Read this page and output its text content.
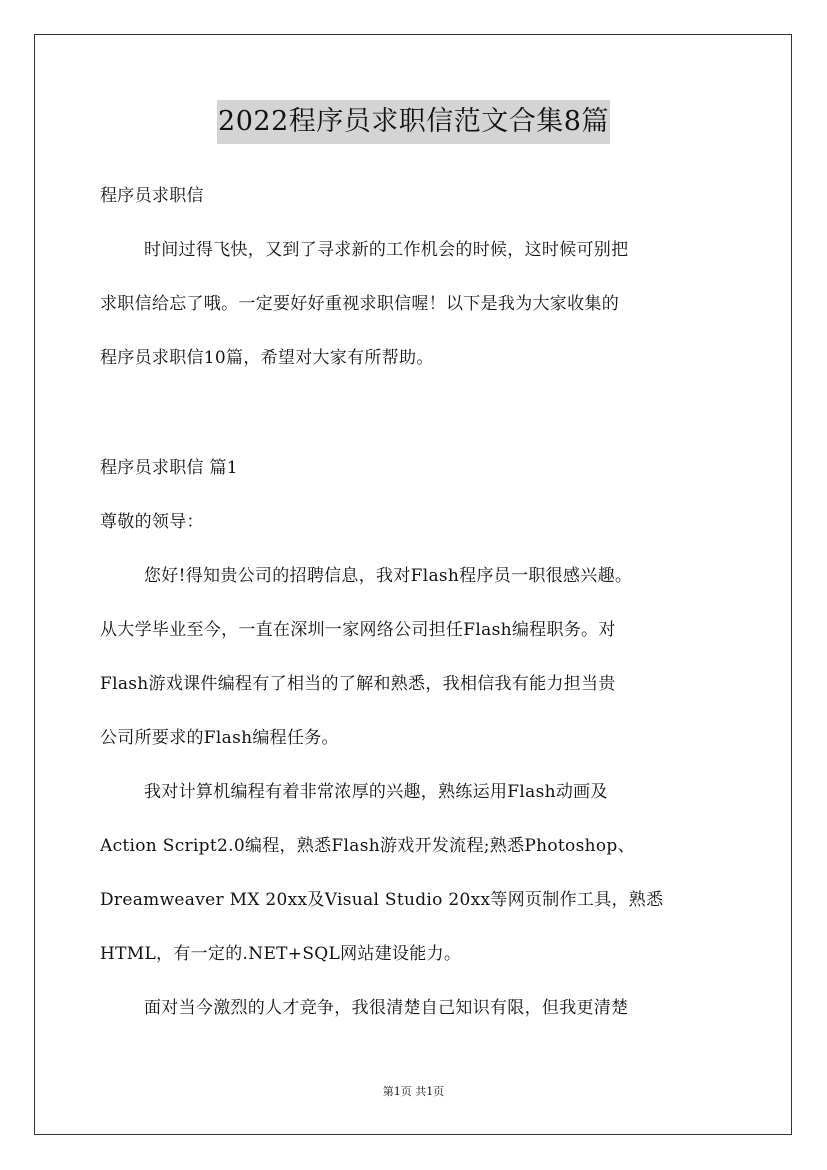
2022程序员求职信范文合集8篇
程序员求职信
时间过得飞快，又到了寻求新的工作机会的时候，这时候可别把
求职信给忘了哦。一定要好好重视求职信喔！以下是我为大家收集的
程序员求职信10篇，希望对大家有所帮助。
程序员求职信 篇1
尊敬的领导：
您好!得知贵公司的招聘信息，我对Flash程序员一职很感兴趣。
从大学毕业至今，一直在深圳一家网络公司担任Flash编程职务。对
Flash游戏课件编程有了相当的了解和熟悉，我相信我有能力担当贵
公司所要求的Flash编程任务。
我对计算机编程有着非常浓厚的兴趣，熟练运用Flash动画及
Action Script2.0编程，熟悉Flash游戏开发流程;熟悉Photoshop、
Dreamweaver MX 20xx及Visual Studio 20xx等网页制作工具，熟悉
HTML，有一定的.NET+SQL网站建设能力。
面对当今激烈的人才竞争，我很清楚自己知识有限，但我更清楚
第1页 共1页
